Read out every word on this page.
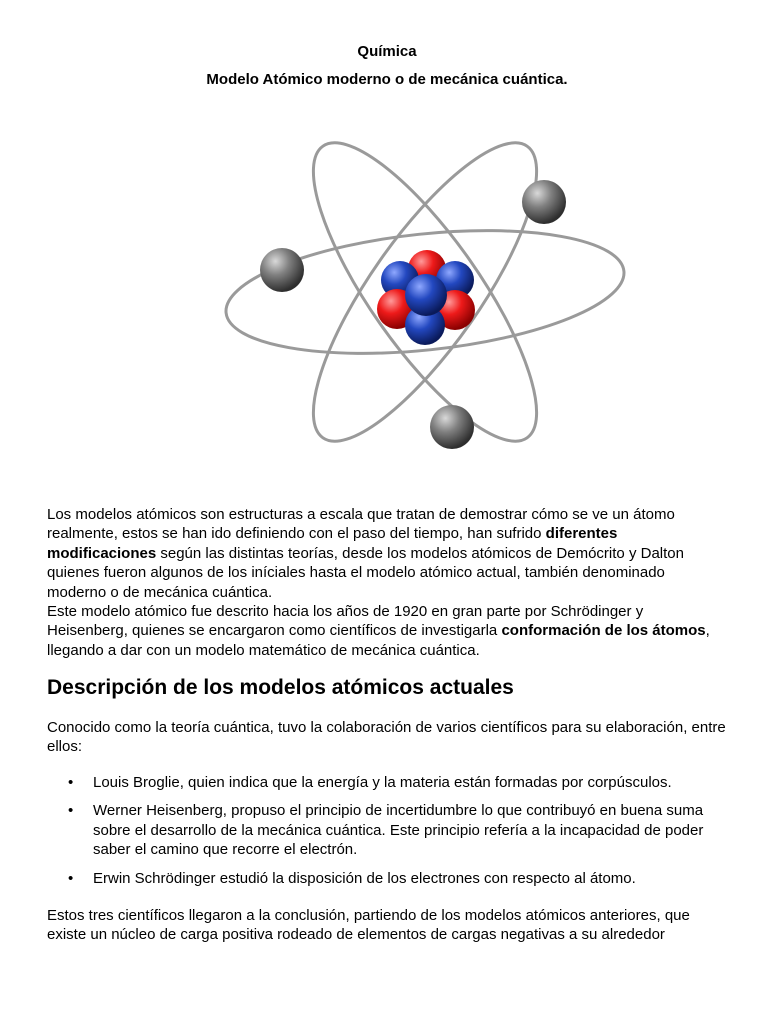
Química
Modelo Atómico moderno o de mecánica cuántica.

Los modelos atómicos son estructuras a escala que tratan de demostrar cómo se ve un átomo realmente, estos se han ido definiendo con el paso del tiempo, han sufrido diferentes modificaciones según las distintas teorías, desde los modelos atómicos de Demócrito y Dalton quienes fueron algunos de los iníciales hasta el modelo atómico actual, también denominado moderno o de mecánica cuántica.
Este modelo atómico fue descrito hacia los años de 1920 en gran parte por Schrödinger y Heisenberg, quienes se encargaron como científicos de investigarla conformación de los átomos, llegando a dar con un modelo matemático de mecánica cuántica.

Descripción de los modelos atómicos actuales

Conocido como la teoría cuántica, tuvo la colaboración de varios científicos para su elaboración, entre ellos:

• Louis Broglie, quien indica que la energía y la materia están formadas por corpúsculos.
• Werner Heisenberg, propuso el principio de incertidumbre lo que contribuyó en buena suma sobre el desarrollo de la mecánica cuántica. Este principio refería a la incapacidad de poder saber el camino que recorre el electrón.
• Erwin Schrödinger estudió la disposición de los electrones con respecto al átomo.

Estos tres científicos llegaron a la conclusión, partiendo de los modelos atómicos anteriores, que existe un núcleo de carga positiva rodeado de elementos de cargas negativas a su alrededor
